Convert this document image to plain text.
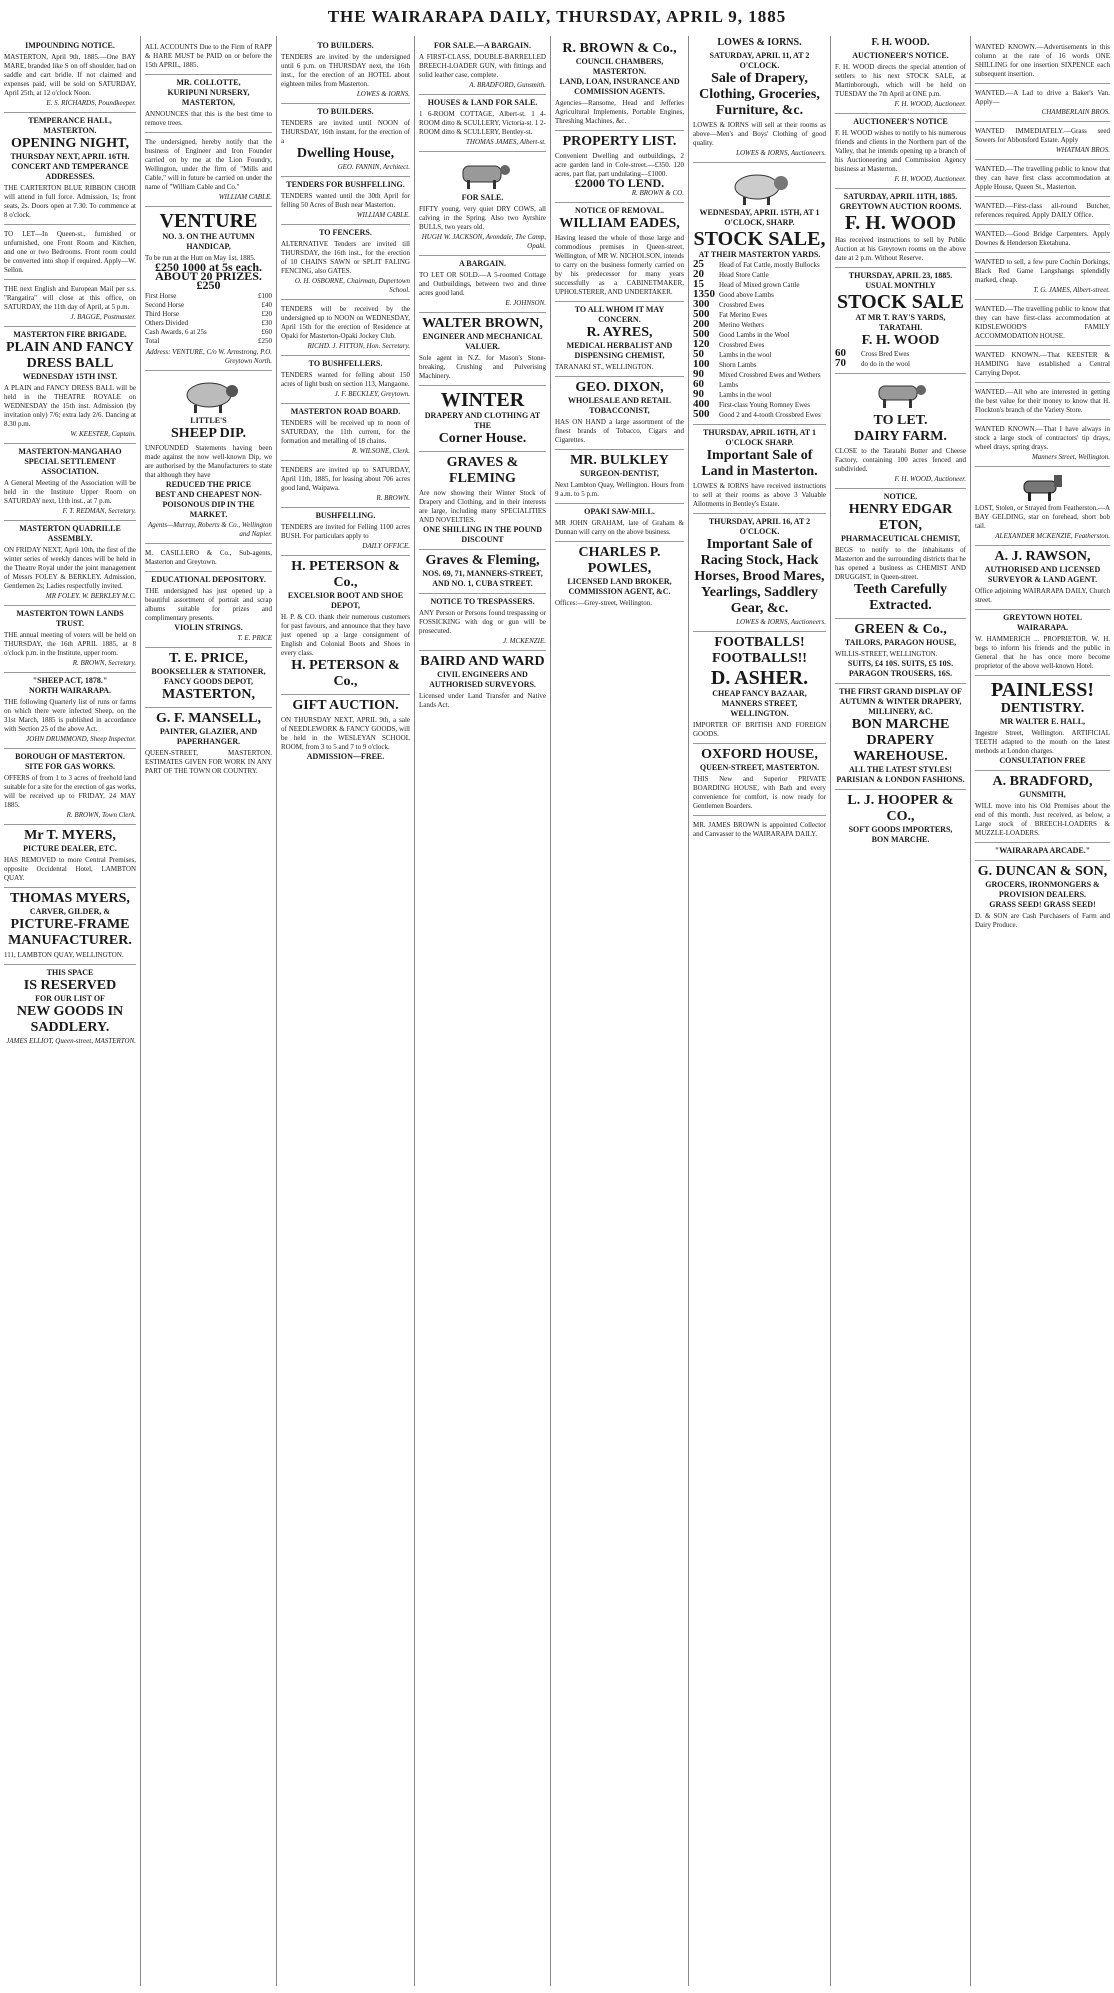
THE WAIRARAPA DAILY, THURSDAY, APRIL 9, 1885
IMPOUNDING NOTICE.
MASTERTON, April 9th, 1885.—One BAY MARE, branded like S on off shoulder, had on saddle and cart bridle. If not claimed and expenses paid, will be sold on SATURDAY, April 25th, at 12 o'clock Noon.
E. S. RICHARDS, Poundkeeper.
TEMPERANCE HALL, MASTERTON.
OPENING NIGHT,
THURSDAY NEXT, APRIL 16TH.
CONCERT AND TEMPERANCE ADDRESSES.
THE CARTERTON BLUE RIBBON CHOIR will attend in full force. Admission, 1s; front seats, 2s. Doors open at 7.30. To commence at 8 o'clock.
TO LET—In Queen-st., furnished or unfurnished, one Front Room and Kitchen, and one or two Bedrooms. Front room could be converted into shop if required. Apply—W. Sellon.
THE next English and European Mail per s.s. "Rangatira" will close at this office, on SATURDAY, the 11th day of April, at 5 p.m.
J. BAGGE, Postmaster.
MASTERTON FIRE BRIGADE.
PLAIN AND FANCY DRESS BALL
WEDNESDAY 15TH INST.
A PLAIN and FANCY DRESS BALL will be held in the THEATRE ROYALE on WEDNESDAY the 15th inst. Admission (by invitation only) 7/6; extra lady 2/6. Dancing at 8.30 p.m.
W. KEESTER, Captain.
MASTERTON-MANGAHAO SPECIAL SETTLEMENT ASSOCIATION.
A General Meeting of the Association will be held in the Institute Upper Room on SATURDAY next, 11th inst., at 7 p.m.
F. T. REDMAN, Secretary.
MASTERTON QUADRILLE ASSEMBLY.
ON FRIDAY NEXT, April 10th, the first of the winter series of weekly dances will be held in the Theatre Royal under the joint management of Messrs FOLEY & BERKLEY. Admission, Gentlemen 2s; Ladies respectfully invited.
MR FOLEY. W. BERKLEY M.C.
MASTERTON TOWN LANDS TRUST.
THE annual meeting of voters will be held on THURSDAY, the 16th APRIL 1885, at 8 o'clock p.m. in the Institute, upper room.
R. BROWN, Secretary.
"SHEEP ACT, 1878."
NORTH WAIRARAPA.
THE following Quarterly list of runs or farms on which there were infected Sheep, on the 31st March, 1885 is published in accordance with Section 25 of the above Act.
JOHN DRUMMOND, Sheep Inspector.
BOROUGH OF MASTERTON.
SITE FOR GAS WORKS.
OFFERS of from 1 to 3 acres of freehold land suitable for a site for the erection of gas works, will be received up to FRIDAY, 24 MAY 1885.
R. BROWN, Town Clerk.
Mr T. MYERS,
PICTURE DEALER, ETC.
HAS REMOVED to more Central Premises, opposite Occidental Hotel, LAMBTON QUAY.
THOMAS MYERS,
CARVER, GILDER, &
PICTURE-FRAME MANUFACTURER.
111, LAMBTON QUAY, WELLINGTON.
THIS SPACE
IS RESERVED
FOR OUR LIST OF
NEW GOODS IN SADDLERY.
JAMES ELLIOT, Queen-street, MASTERTON.
ALL ACCOUNTS Due to the Firm of RAPP & HARE MUST be PAID on or before the 15th APRIL, 1885.
MR. COLLOTTE,
KURIPUNI NURSERY, MASTERTON,
ANNOUNCES that this is the best time to remove trees.
The undersigned, hereby notify that the business of Engineer and Iron Founder carried on by me at the Lion Foundry, Wellington, under the firm of "Mills and Cable," will in future be carried on under the name of "William Cable and Co."
WILLIAM CABLE.
VENTURE
NO. 3. ON THE AUTUMN HANDICAP,
To be run at the Hutt on May 1st, 1885.
£250 1000 at 5s each. ABOUT 20 PRIZES. £250
First Horse	£100
Second Horse	£40
Third Horse	£20
Others Divided	£30
Cash Awards, 6 at 25s	£60
Total	£250
Address: VENTURE, C/o W. Armstrong, P.O. Greytown North.
LITTLE'S
SHEEP DIP.
UNFOUNDED Statements having been made against the now well-known Dip, we are authorised by the Manufacturers to state that although they have
REDUCED THE PRICE
BEST AND CHEAPEST NON-POISONOUS DIP IN THE MARKET.
Agents—Murray, Roberts & Co., Wellington and Napier.
M. CASILLERO & Co., Sub-agents, Masterton and Greytown.
EDUCATIONAL DEPOSITORY.
THE undersigned has just opened up a beautiful assortment of portrait and scrap albums suitable for prizes and complimentary presents.
VIOLIN STRINGS.
T. E. PRICE
T. E. PRICE,
BOOKSELLER & STATIONER,
FANCY GOODS DEPOT,
MASTERTON,
G. F. MANSELL,
PAINTER, GLAZIER, AND PAPERHANGER.
QUEEN-STREET, MASTERTON. ESTIMATES GIVEN FOR WORK IN ANY PART OF THE TOWN OR COUNTRY.
TO BUILDERS.
TENDERS are invited by the undersigned until 6 p.m. on THURSDAY next, the 16th inst., for the erection of an HOTEL about eighteen miles from Masterton.
LOWES & IORNS.
TO BUILDERS.
TENDERS are invited until NOON of THURSDAY, 16th instant, for the erection of a
Dwelling House,
GEO. FANNIN, Architect.
TENDERS FOR BUSHFELLING.
TENDERS wanted until the 30th April for felling 50 Acres of Bush near Masterton.
WILLIAM CABLE.
TO FENCERS.
ALTERNATIVE Tenders are invited till THURSDAY, the 16th inst., for the erection of 10 CHAINS SAWN or SPLIT FALING FENCING, also GATES.
O. H. OSBORNE, Chairman, Dupertown School.
TENDERS will be received by the undersigned up to NOON on WEDNESDAY, April 15th for the erection of Residence at Opaki for Masterton-Opaki Jockey Club.
RICHD. J. FITTON, Hon. Secretary.
TO BUSHFELLERS.
TENDERS wanted for felling about 150 acres of light bush on section 113, Mangaone.
J. F. BECKLEY, Greytown.
MASTERTON ROAD BOARD.
TENDERS will be received up to noon of SATURDAY, the 11th current, for the formation and metalling of 18 chains.
R. WILSONE, Clerk.
TENDERS are invited up to SATURDAY, April 11th, 1885, for leasing about 706 acres good land, Waipawa.
R. BROWN.
BUSHFELLING.
TENDERS are invited for Felling 1100 acres BUSH. For particulars apply to
DAILY OFFICE.
H. PETERSON & Co.,
EXCELSIOR BOOT AND SHOE DEPOT,
H. P. & CO. thank their numerous customers for past favours, and announce that they have just opened up a large consignment of English and Colonial Boots and Shoes in every class.
H. PETERSON & Co.,
GIFT AUCTION.
ON THURSDAY NEXT, APRIL 9th, a sale of NEEDLEWORK & FANCY GOODS, will be held in the WESLEYAN SCHOOL ROOM, from 3 to 5 and 7 to 9 o'clock.
ADMISSION—FREE.
FOR SALE.—A BARGAIN.
A FIRST-CLASS, DOUBLE-BARRELLED BREECH-LOADER GUN, with fittings and solid leather case, complete.
A. BRADFORD, Gunsmith.
HOUSES & LAND FOR SALE.
1 6-ROOM COTTAGE, Albert-st. 1 4-ROOM ditto & SCULLERY, Victoria-st. 1 2-ROOM ditto & SCULLERY, Bentley-st.
THOMAS JAMES, Albert-st.
FOR SALE.
FIFTY young, very quiet DRY COWS, all calving in the Spring. Also two Ayrshire BULLS, two years old.
HUGH W. JACKSON, Avondale, The Camp, Opaki.
A BARGAIN.
TO LET OR SOLD.—A 5-roomed Cottage and Outbuildings, between two and three acres good land.
E. JOHNSON.
WALTER BROWN,
ENGINEER AND MECHANICAL VALUER.
Sole agent in N.Z. for Mason's Stone-breaking, Crushing and Pulverising Machinery.
WINTER
DRAPERY AND CLOTHING AT THE
Corner House.
GRAVES & FLEMING
Are now showing their Winter Stock of Drapery and Clothing, and in their interests are large, including many SPECIALITIES AND NOVELTIES.
ONE SHILLING IN THE POUND DISCOUNT
Graves & Fleming,
NOS. 69, 71, MANNERS-STREET, AND NO. 1, CUBA STREET.
NOTICE TO TRESPASSERS.
ANY Person or Persons found trespassing or FOSSICKING with dog or gun will be prosecuted.
J. MCKENZIE.
BAIRD AND WARD
CIVIL ENGINEERS AND AUTHORISED SURVEYORS.
Licensed under Land Transfer and Native Lands Act.
R. BROWN & Co.,
COUNCIL CHAMBERS, MASTERTON.
LAND, LOAN, INSURANCE AND COMMISSION AGENTS.
Agencies—Ransome, Head and Jefferies Agricultural Implements, Portable Engines, Threshing Machines, &c.
PROPERTY LIST.
Convenient Dwelling and outbuildings, 2 acre garden land in Cole-street.—£350. 120 acres, part flat, part undulating—£1000.
£2000 TO LEND.
R. BROWN & CO.
NOTICE OF REMOVAL.
WILLIAM EADES,
Having leased the whole of those large and commodious premises in Queen-street, Wellington, of MR W. NICHOLSON, intends to carry on the business formerly carried on by his predecessor for many years successfully as a CABINETMAKER, UPHOLSTERER, AND UNDERTAKER.
TO ALL WHOM IT MAY CONCERN.
R. AYRES,
MEDICAL HERBALIST AND DISPENSING CHEMIST,
TARANAKI ST., WELLINGTON.
GEO. DIXON,
WHOLESALE AND RETAIL TOBACCONIST,
HAS ON HAND a large assortment of the finest brands of Tobacco, Cigars and Cigarettes.
MR. BULKLEY
SURGEON-DENTIST,
Next Lambton Quay, Wellington. Hours from 9 a.m. to 5 p.m.
OPAKI SAW-MILL.
MR JOHN GRAHAM, late of Graham & Dunnan will carry on the above business.
CHARLES P. POWLES,
LICENSED LAND BROKER, COMMISSION AGENT, &C.
Offices:—Grey-street, Wellington.
LOWES & IORNS.
SATURDAY, APRIL 11, AT 2 O'CLOCK.
Sale of Drapery, Clothing, Groceries, Furniture, &c.
LOWES & IORNS will sell at their rooms as above—Men's and Boys' Clothing of good quality.
LOWES & IORNS, Auctioneers.
WEDNESDAY, APRIL 15TH, AT 1 O'CLOCK, SHARP.
STOCK SALE,
AT THEIR MASTERTON YARDS.
25 Head of Fat Cattle, mostly Bullocks
20 Head Store Cattle
15 Head of Mixed grown Cattle
1350 Good above Lambs
300 Crossbred Ewes
500 Fat Merino Ewes
200 Merino Wethers
500 Good Lambs in the Wool
120 Crossbred Ewes
50 Lambs in the wool
100 Shorn Lambs
90 Mixed Crossbred Ewes and Wethers
60 Lambs
90 Lambs in the wool
400 First-class Young Romney Ewes
500 Good 2 and 4-tooth Crossbred Ewes
THURSDAY, APRIL 16TH, AT 1 O'CLOCK SHARP.
Important Sale of Land in Masterton.
LOWES & IORNS have received instructions to sell at their rooms as above 3 Valuable Allotments in Bentley's Estate.
THURSDAY, APRIL 16, AT 2 O'CLOCK.
Important Sale of Racing Stock, Hack Horses, Brood Mares, Yearlings, Saddlery Gear, &c.
LOWES & IORNS, Auctioneers.
FOOTBALLS!
FOOTBALLS!!
D. ASHER.
CHEAP FANCY BAZAAR, MANNERS STREET, WELLINGTON.
IMPORTER OF BRITISH AND FOREIGN GOODS.
OXFORD HOUSE,
QUEEN-STREET, MASTERTON.
THIS New and Superior PRIVATE BOARDING HOUSE, with Bath and every convenience for comfort, is now ready for Gentlemen Boarders.
MR. JAMES BROWN is appointed Collector and Canvasser to the WAIRARAPA DAILY.
F. H. WOOD.
AUCTIONEER'S NOTICE.
F. H. WOOD directs the special attention of settlers to his next STOCK SALE, at Martinborough, which will be held on TUESDAY the 7th April at ONE p.m.
F. H. WOOD, Auctioneer.
AUCTIONEER'S NOTICE
F. H. WOOD wishes to notify to his numerous friends and clients in the Northern part of the Valley, that he intends opening up a branch of his Auctioneering and Commission Agency business at Masterton.
F. H. WOOD, Auctioneer.
SATURDAY, APRIL 11TH, 1885.
GREYTOWN AUCTION ROOMS.
F. H. WOOD
Has received instructions to sell by Public Auction at his Greytown rooms on the above date at 2 p.m. Without Reserve.
THURSDAY, APRIL 23, 1885.
USUAL MONTHLY
STOCK SALE
AT MR T. RAY'S YARDS, TARATAHI.
F. H. WOOD
60 Cross Bred Ewes
70 do do in the wool
TO LET.
DAIRY FARM.
CLOSE to the Taratahi Butter and Cheese Factory, containing 100 acres fenced and subdivided.
F. H. WOOD, Auctioneer.
NOTICE.
HENRY EDGAR ETON,
PHARMACEUTICAL CHEMIST,
BEGS to notify to the inhabitants of Masterton and the surrounding districts that he has opened a business as CHEMIST AND DRUGGIST, in Queen-street.
Teeth Carefully Extracted.
GREEN & Co.,
TAILORS, PARAGON HOUSE,
WILLIS-STREET, WELLINGTON.
SUITS, £4 10S. SUITS, £5 10S.
PARAGON TROUSERS, 16S.
THE FIRST GRAND DISPLAY OF AUTUMN & WINTER DRAPERY, MILLINERY, &C.
BON MARCHE DRAPERY WAREHOUSE.
ALL THE LATEST STYLES!
PARISIAN & LONDON FASHIONS.
L. J. HOOPER & CO.,
SOFT GOODS IMPORTERS,
BON MARCHE.
WANTED KNOWN.—Advertisements in this column at the rate of 16 words ONE SHILLING for one insertion SIXPENCE each subsequent insertion.
WANTED.—A Lad to drive a Baker's Van. Apply—
CHAMBERLAIN BROS.
WANTED IMMEDIATELY.—Grass seed Sowers for Abbotsford Estate. Apply
WHATMAN BROS.
WANTED.—The travelling public to know that they can have first class accommodation at Apple House, Queen St., Masterton.
WANTED.—First-class all-round Butcher, references required. Apply DAILY Office.
WANTED.—Good Bridge Carpenters. Apply Downes & Henderson Eketahuna.
WANTED to sell, a few pure Cochin Dorkings, Black Red Game Langshangs splendidly marked, cheap.
T. G. JAMES, Albert-street.
WANTED.—The travelling public to know that they can have first-class accommodation at KIDSLEWOOD'S FAMILY ACCOMMODATION HOUSE.
WANTED KNOWN.—That KEESTER & HAMDING have established a Central Carrying Depot.
WANTED.—All who are interested in getting the best value for their money to know that H. Flockton's branch of the Variety Store.
WANTED KNOWN.—That I have always in stock a large stock of contractors' tip drays, wheel drays, spring drays.
Manners Street, Wellington.
LOST, Stolen, or Strayed from Featherston.—A BAY GELDING, star on forehead, short bob tail.
ALEXANDER MCKENZIE, Featherston.
A. J. RAWSON,
AUTHORISED AND LICENSED SURVEYOR & LAND AGENT.
Office adjoining WAIRARAPA DAILY, Church street.
GREYTOWN HOTEL
WAIRARAPA.
W. HAMMERICH ... PROPRIETOR. W. H. begs to inform his friends and the public in General that he has once more become proprietor of the above well-known Hotel.
PAINLESS!
DENTISTRY.
MR WALTER E. HALL,
Ingestre Street, Wellington. ARTIFICIAL TEETH adapted to the mouth on the latest methods at London charges.
CONSULTATION FREE
A. BRADFORD,
GUNSMITH,
WILL move into his Old Premises about the end of this month. Just received, as below, a Large stock of BREECH-LOADERS & MUZZLE-LOADERS.
"WAIRARAPA ARCADE."
G. DUNCAN & SON,
GROCERS, IRONMONGERS & PROVISION DEALERS.
GRASS SEED! GRASS SEED!
D. & SON are Cash Purchasers of Farm and Dairy Produce.
